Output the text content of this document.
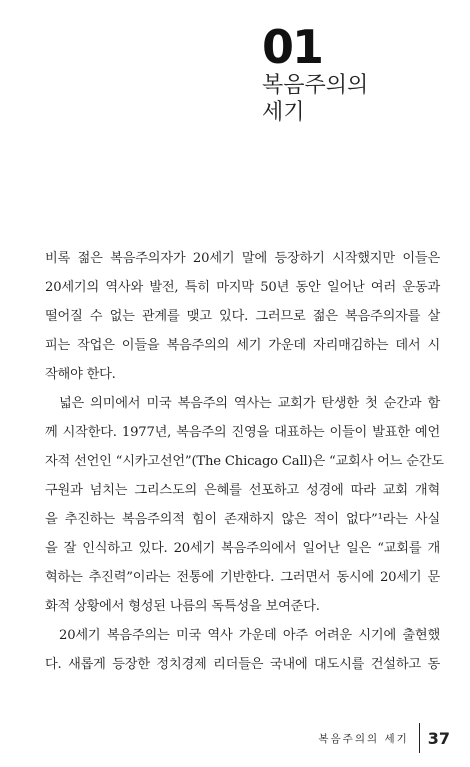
01
복음주의의
세기
비록 젊은 복음주의자가 20세기 말에 등장하기 시작했지만 이들은
20세기의 역사와 발전, 특히 마지막 50년 동안 일어난 여러 운동과
떨어질 수 없는 관계를 맺고 있다. 그러므로 젊은 복음주의자를 살
피는 작업은 이들을 복음주의의 세기 가운데 자리매김하는 데서 시
작해야 한다.
넓은 의미에서 미국 복음주의 역사는 교회가 탄생한 첫 순간과 함
께 시작한다. 1977년, 복음주의 진영을 대표하는 이들이 발표한 예언
자적 선언인 “시카고선언”(The Chicago Call)은 “교회사 어느 순간도
구원과 넘치는 그리스도의 은혜를 선포하고 성경에 따라 교회 개혁
을 추진하는 복음주의적 힘이 존재하지 않은 적이 없다”¹라는 사실
을 잘 인식하고 있다. 20세기 복음주의에서 일어난 일은 “교회를 개
혁하는 추진력”이라는 전통에 기반한다. 그러면서 동시에 20세기 문
화적 상황에서 형성된 나름의 독특성을 보여준다.
20세기 복음주의는 미국 역사 가운데 아주 어려운 시기에 출현했
다. 새롭게 등장한 정치경제 리더들은 국내에 대도시를 건설하고 동
복음주의의 세기 37
